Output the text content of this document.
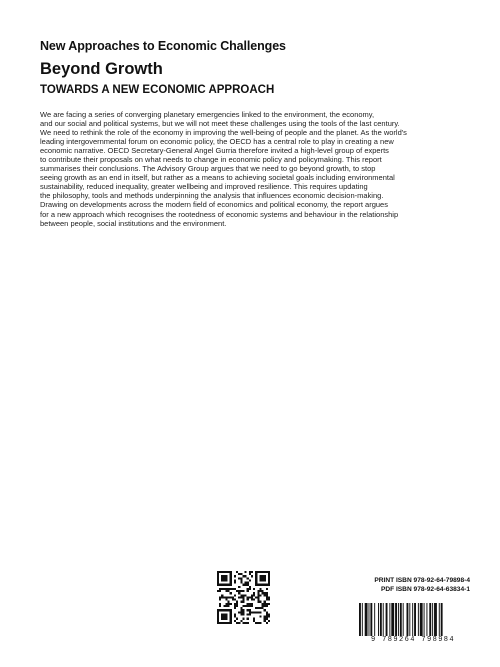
New Approaches to Economic Challenges
Beyond Growth
TOWARDS A NEW ECONOMIC APPROACH
We are facing a series of converging planetary emergencies linked to the environment, the economy,
and our social and political systems, but we will not meet these challenges using the tools of the last century.
We need to rethink the role of the economy in improving the well-being of people and the planet. As the world's
leading intergovernmental forum on economic policy, the OECD has a central role to play in creating a new
economic narrative. OECD Secretary-General Angel Gurria therefore invited a high-level group of experts
to contribute their proposals on what needs to change in economic policy and policymaking. This report
summarises their conclusions. The Advisory Group argues that we need to go beyond growth, to stop
seeing growth as an end in itself, but rather as a means to achieving societal goals including environmental
sustainability, reduced inequality, greater wellbeing and improved resilience. This requires updating
the philosophy, tools and methods underpinning the analysis that influences economic decision-making.
Drawing on developments across the modern field of economics and political economy, the report argues
for a new approach which recognises the rootedness of economic systems and behaviour in the relationship
between people, social institutions and the environment.
PRINT ISBN 978-92-64-79898-4
PDF ISBN 978-92-64-63834-1
9 789264 798984
